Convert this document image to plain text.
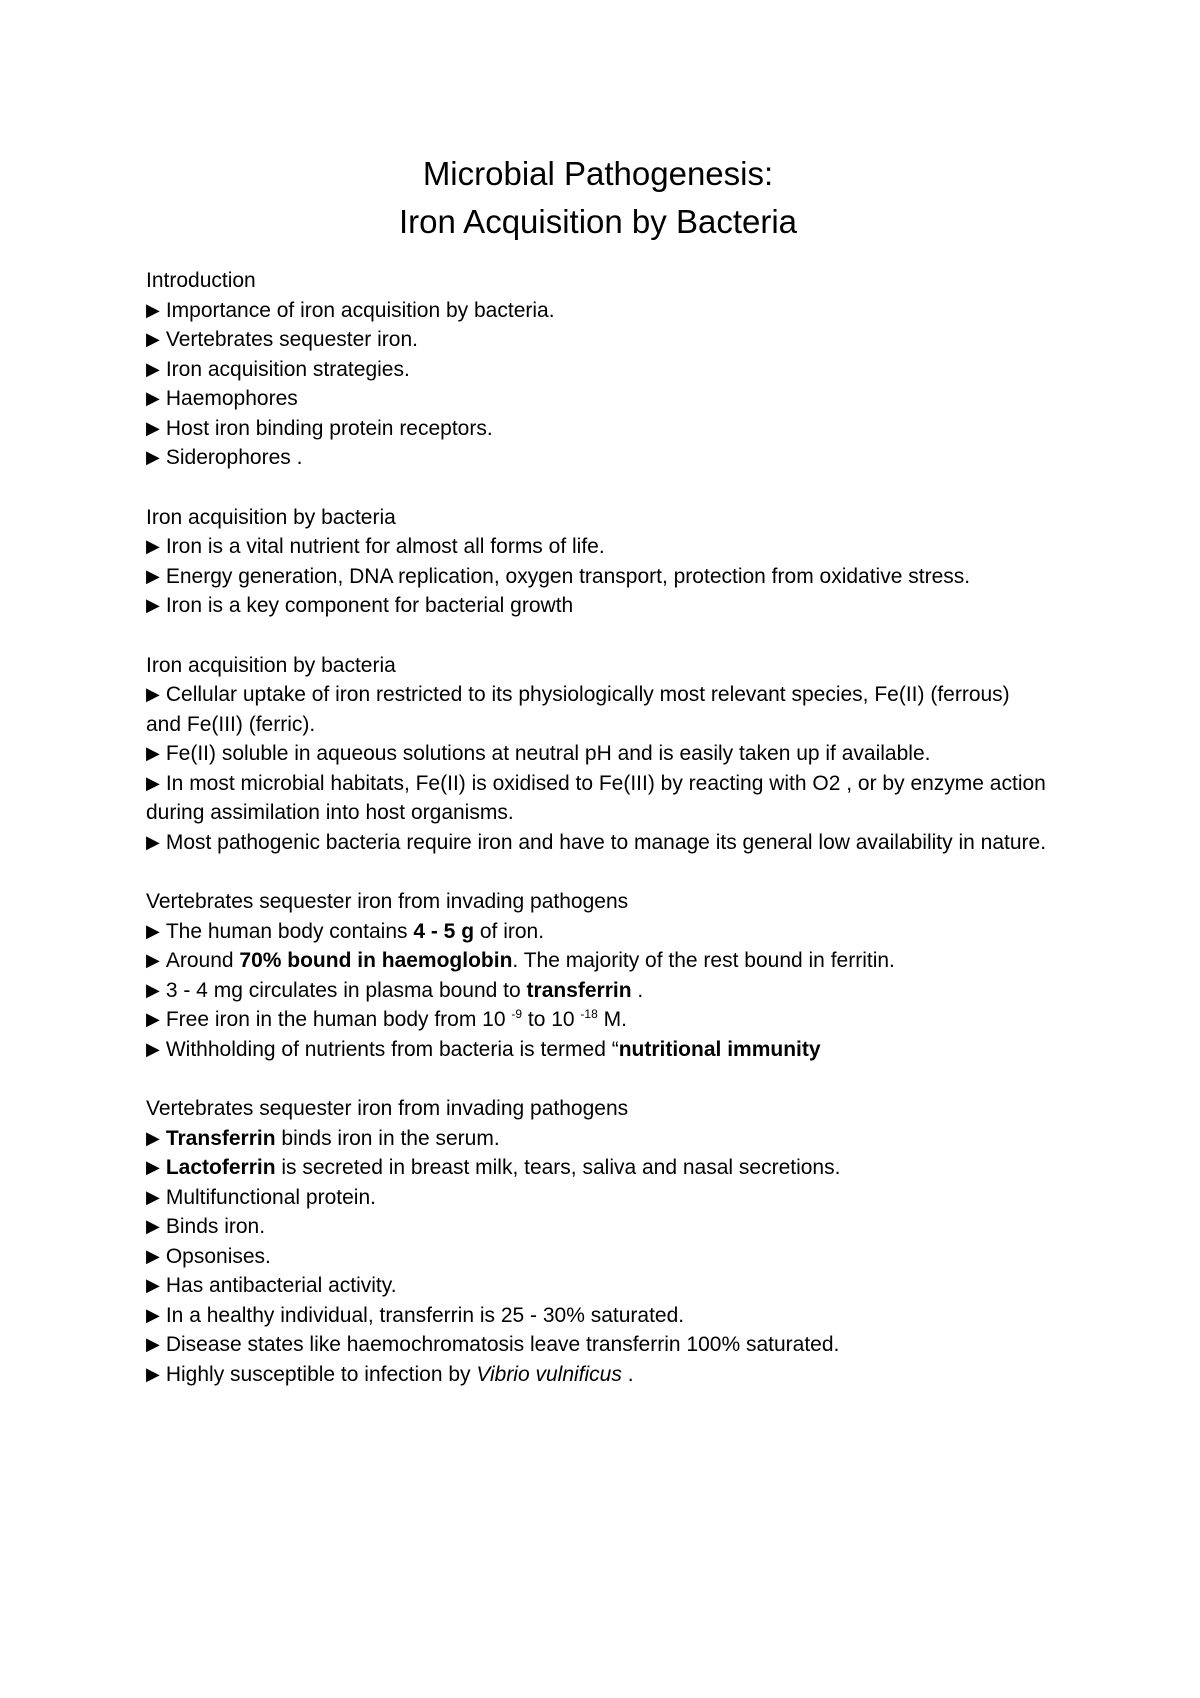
Microbial Pathogenesis:
Iron Acquisition by Bacteria
Introduction
▶ Importance of iron acquisition by bacteria.
▶ Vertebrates sequester iron.
▶ Iron acquisition strategies.
▶ Haemophores
▶ Host iron binding protein receptors.
▶ Siderophores .
Iron acquisition by bacteria
▶ Iron is a vital nutrient for almost all forms of life.
▶ Energy generation, DNA replication, oxygen transport, protection from oxidative stress.
▶ Iron is a key component for bacterial growth
Iron acquisition by bacteria
▶ Cellular uptake of iron restricted to its physiologically most relevant species, Fe(II) (ferrous) and Fe(III) (ferric).
▶ Fe(II) soluble in aqueous solutions at neutral pH and is easily taken up if available.
▶ In most microbial habitats, Fe(II) is oxidised to Fe(III) by reacting with O2 , or by enzyme action during assimilation into host organisms.
▶ Most pathogenic bacteria require iron and have to manage its general low availability in nature.
Vertebrates sequester iron from invading pathogens
▶ The human body contains 4 - 5 g of iron.
▶ Around 70% bound in haemoglobin. The majority of the rest bound in ferritin.
▶ 3 - 4 mg circulates in plasma bound to transferrin .
▶ Free iron in the human body from 10 $^{-9}$ to 10 $^{-18}$ M.
▶ Withholding of nutrients from bacteria is termed “nutritional immunity
Vertebrates sequester iron from invading pathogens
▶ Transferrin binds iron in the serum.
▶ Lactoferrin is secreted in breast milk, tears, saliva and nasal secretions.
▶ Multifunctional protein.
▶ Binds iron.
▶ Opsonises.
▶ Has antibacterial activity.
▶ In a healthy individual, transferrin is 25 - 30% saturated.
▶ Disease states like haemochromatosis leave transferrin 100% saturated.
▶ Highly susceptible to infection by Vibrio vulnificus .
